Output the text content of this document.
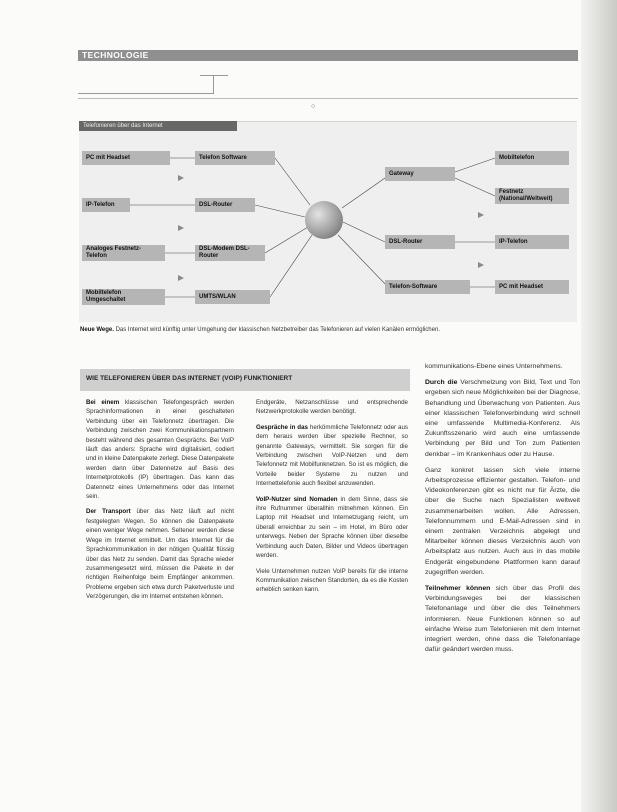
TECHNOLOGIE
○
Telefonieren über das Internet
PC mit Headset
IP-Telefon
Analoges Festnetz-Telefon
Mobiltelefon Umgeschaltet
Telefon Software
DSL-Router
DSL-Modem DSL-Router
UMTS/WLAN
Gateway
DSL-Router
Telefon-Software
Mobiltelefon
Festnetz (National/Weltweit)
IP-Telefon
PC mit Headset
Neue Wege. Das Internet wird künftig unter Umgehung der klassischen Netzbetreiber das Telefonieren auf vielen Kanälen ermöglichen.
WIE TELEFONIEREN ÜBER DAS INTERNET (VOIP) FUNKTIONIERT

Bei einem klassischen Telefongespräch werden Sprachinformationen in einer geschalteten Verbindung über ein Telefonnetz übertragen. Die Verbindung zwischen zwei Kommunikationspartnern besteht während des gesamten Gesprächs. Bei VoIP läuft das anders: Sprache wird digitalisiert, codiert und in kleine Datenpakete zerlegt. Diese Datenpakete werden dann über Datennetze auf Basis des Internetprotokolls (IP) übertragen. Das kann das Datennetz eines Unternehmens oder das Internet sein.

Der Transport über das Netz läuft auf nicht festgelegten Wegen. So können die Datenpakete einen weniger Wege nehmen. Seltener werden diese Wege im Internet ermittelt. Um das Internet für die Sprachkommunikation in der nötigen Qualität flüssig über das Netz zu senden. Damit das Sprache wieder zusammengesetzt wird, müssen die Pakete in der richtigen Reihenfolge beim Empfänger ankommen. Probleme ergeben sich etwa durch Paketverluste und Verzögerungen, die im Internet entstehen können.

Endgeräte, Netzanschlüsse und entsprechende Netzwerkprotokolle werden benötigt.

Gespräche in das herkömmliche Telefonnetz oder aus dem heraus werden über spezielle Rechner, so genannte Gateways, vermittelt. Sie sorgen für die Verbindung zwischen VoIP-Netzen und dem Telefonnetz mit Mobilfunknetzen. So ist es möglich, die Vorteile beider Systeme zu nutzen und Internettelefonie auch flexibel anzuwenden.

VoIP-Nutzer sind Nomaden in dem Sinne, dass sie ihre Rufnummer überallhin mitnehmen können. Ein Laptop mit Headset und Internetzugang reicht, um überall erreichbar zu sein – im Hotel, im Büro oder unterwegs. Neben der Sprache können über dieselbe Verbindung auch Daten, Bilder und Videos übertragen werden.

Viele Unternehmen nutzen VoIP bereits für die interne Kommunikation zwischen Standorten, da es die Kosten erheblich senken kann.

kommunikations-Ebene eines Unternehmens.

Durch die Verschmelzung von Bild, Text und Ton ergeben sich neue Möglichkeiten bei der Diagnose, Behandlung und Überwachung von Patienten. Aus einer klassischen Telefonverbindung wird schnell eine umfassende Multimedia-Konferenz. Als Zukunftsszenario wird auch eine umfassende Verbindung per Bild und Ton zum Patienten denkbar – im Krankenhaus oder zu Hause.

Ganz konkret lassen sich viele interne Arbeitsprozesse effizienter gestalten. Telefon- und Videokonferenzen gibt es nicht nur für Ärzte, die über die Suche nach Spezialisten weltweit zusammenarbeiten wollen. Alle Adressen, Telefonnummern und E-Mail-Adressen sind in einem zentralen Verzeichnis abgelegt und Mitarbeiter können dieses Verzeichnis auch von Arbeitsplatz aus nutzen. Auch aus in das mobile Endgerät eingebundene Plattformen kann darauf zugegriffen werden.

Teilnehmer können sich über das Profil des Verbindungsweges bei der klassischen Telefonanlage und über die des Teilnehmers informieren. Neue Funktionen können so auf einfache Weise zum Telefonieren mit dem Internet integriert werden, ohne dass die Telefonanlage dafür geändert werden muss.
